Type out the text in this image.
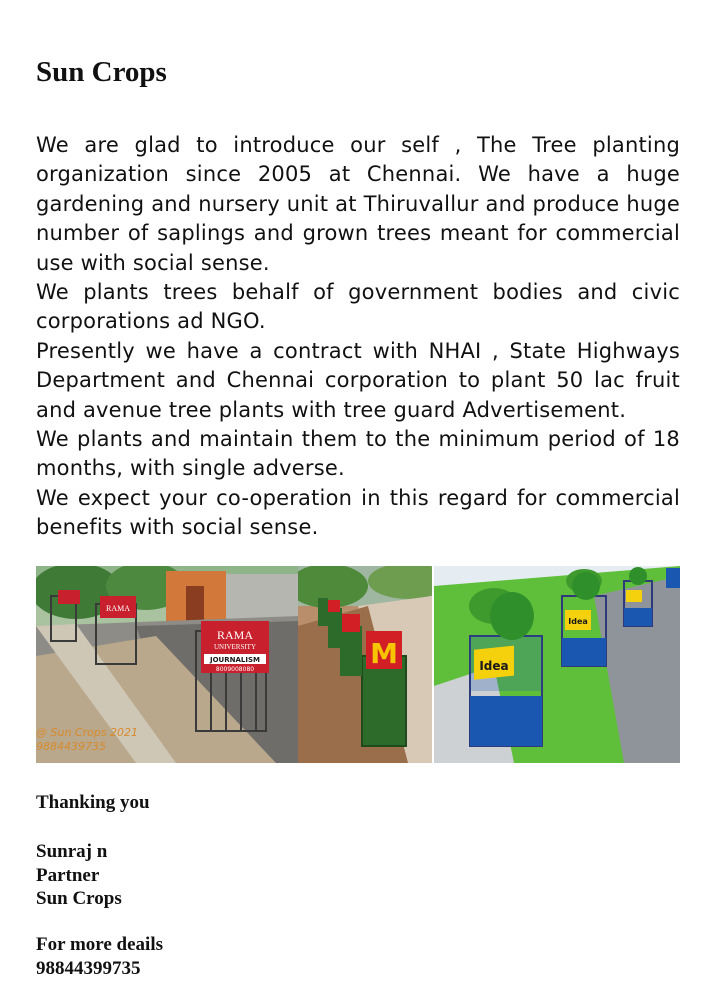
Sun Crops

We are glad to introduce our self , The Tree planting organization since 2005 at Chennai. We have a huge gardening and nursery unit at Thiruvallur and produce huge number of saplings and grown trees meant for commercial use with social sense.

We plants trees behalf of government bodies and civic corporations ad NGO.

Presently we have a contract with NHAI , State Highways Department and Chennai corporation to plant 50 lac fruit and avenue tree plants with tree guard Advertisement.

We plants and maintain them to the minimum period of 18 months, with single adverse.

We expect your co-operation in this regard for commercial benefits with social sense.

RAMA
UNIVERSITY
JOURNALISM
8009008080
RAMA
@ Sun Crops 2021
9884439735
M	Idea
Idea
Thanking you
Sunraj n
Partner
Sun Crops
For more deails
98844399735
